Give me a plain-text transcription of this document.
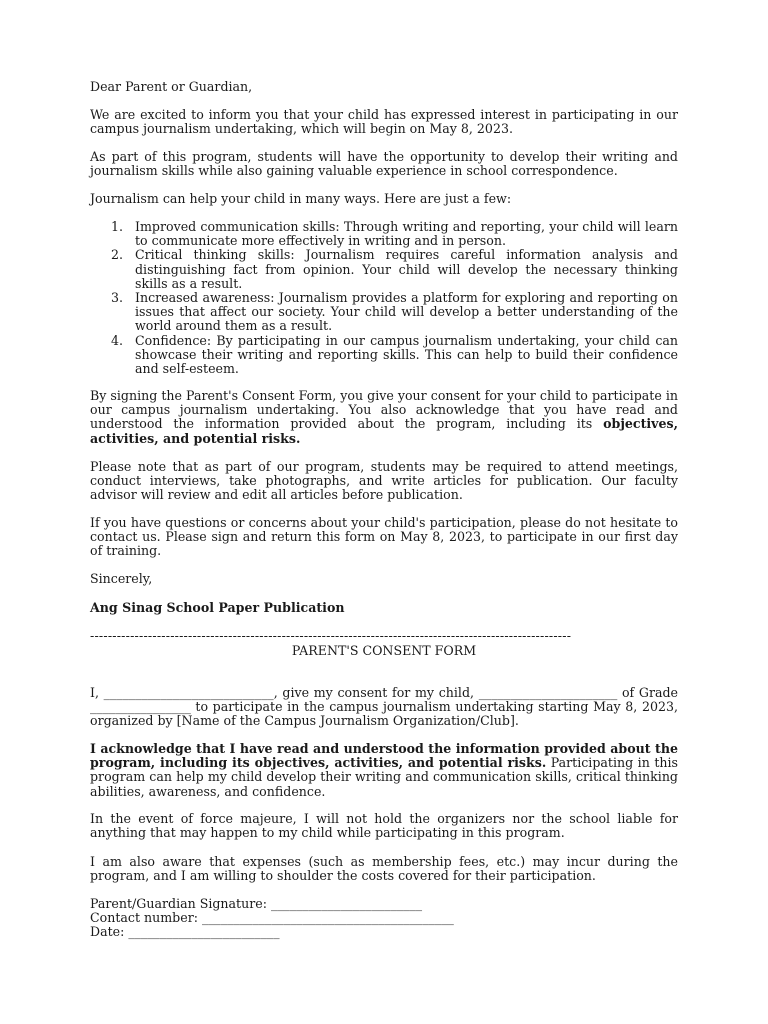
Dear Parent or Guardian,

We are excited to inform you that your child has expressed interest in participating in our campus journalism undertaking, which will begin on May 8, 2023.

As part of this program, students will have the opportunity to develop their writing and journalism skills while also gaining valuable experience in school correspondence.

Journalism can help your child in many ways. Here are just a few:

1. Improved communication skills: Through writing and reporting, your child will learn to communicate more effectively in writing and in person.
2. Critical thinking skills: Journalism requires careful information analysis and distinguishing fact from opinion. Your child will develop the necessary thinking skills as a result.
3. Increased awareness: Journalism provides a platform for exploring and reporting on issues that affect our society. Your child will develop a better understanding of the world around them as a result.
4. Confidence: By participating in our campus journalism undertaking, your child can showcase their writing and reporting skills. This can help to build their confidence and self-esteem.

By signing the Parent's Consent Form, you give your consent for your child to participate in our campus journalism undertaking. You also acknowledge that you have read and understood the information provided about the program, including its objectives, activities, and potential risks.

Please note that as part of our program, students may be required to attend meetings, conduct interviews, take photographs, and write articles for publication. Our faculty advisor will review and edit all articles before publication.

If you have questions or concerns about your child's participation, please do not hesitate to contact us. Please sign and return this form on May 8, 2023, to participate in our first day of training.

Sincerely,

Ang Sinag School Paper Publication

------------------------------------------------------------------------------------------------------------

PARENT'S CONSENT FORM

I, ___________________________, give my consent for my child, ______________________ of Grade ________________ to participate in the campus journalism undertaking starting May 8, 2023, organized by [Name of the Campus Journalism Organization/Club].

I acknowledge that I have read and understood the information provided about the program, including its objectives, activities, and potential risks. Participating in this program can help my child develop their writing and communication skills, critical thinking abilities, awareness, and confidence.

In the event of force majeure, I will not hold the organizers nor the school liable for anything that may happen to my child while participating in this program.

I am also aware that expenses (such as membership fees, etc.) may incur during the program, and I am willing to shoulder the costs covered for their participation.

Parent/Guardian Signature: ________________________

Contact number: ________________________________________

Date: ________________________
